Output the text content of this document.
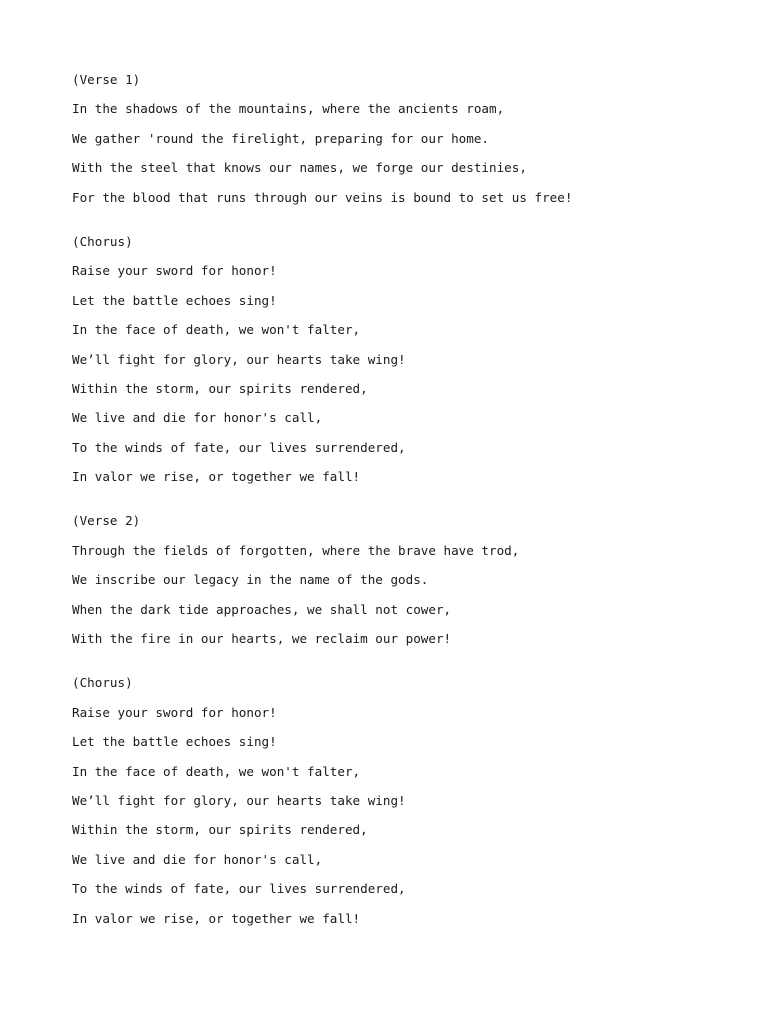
(Verse 1)
In the shadows of the mountains, where the ancients roam,
We gather 'round the firelight, preparing for our home.
With the steel that knows our names, we forge our destinies,
For the blood that runs through our veins is bound to set us free!
(Chorus)
Raise your sword for honor!
Let the battle echoes sing!
In the face of death, we won't falter,
We’ll fight for glory, our hearts take wing!
Within the storm, our spirits rendered,
We live and die for honor's call,
To the winds of fate, our lives surrendered,
In valor we rise, or together we fall!
(Verse 2)
Through the fields of forgotten, where the brave have trod,
We inscribe our legacy in the name of the gods.
When the dark tide approaches, we shall not cower,
With the fire in our hearts, we reclaim our power!
(Chorus)
Raise your sword for honor!
Let the battle echoes sing!
In the face of death, we won't falter,
We’ll fight for glory, our hearts take wing!
Within the storm, our spirits rendered,
We live and die for honor's call,
To the winds of fate, our lives surrendered,
In valor we rise, or together we fall!
